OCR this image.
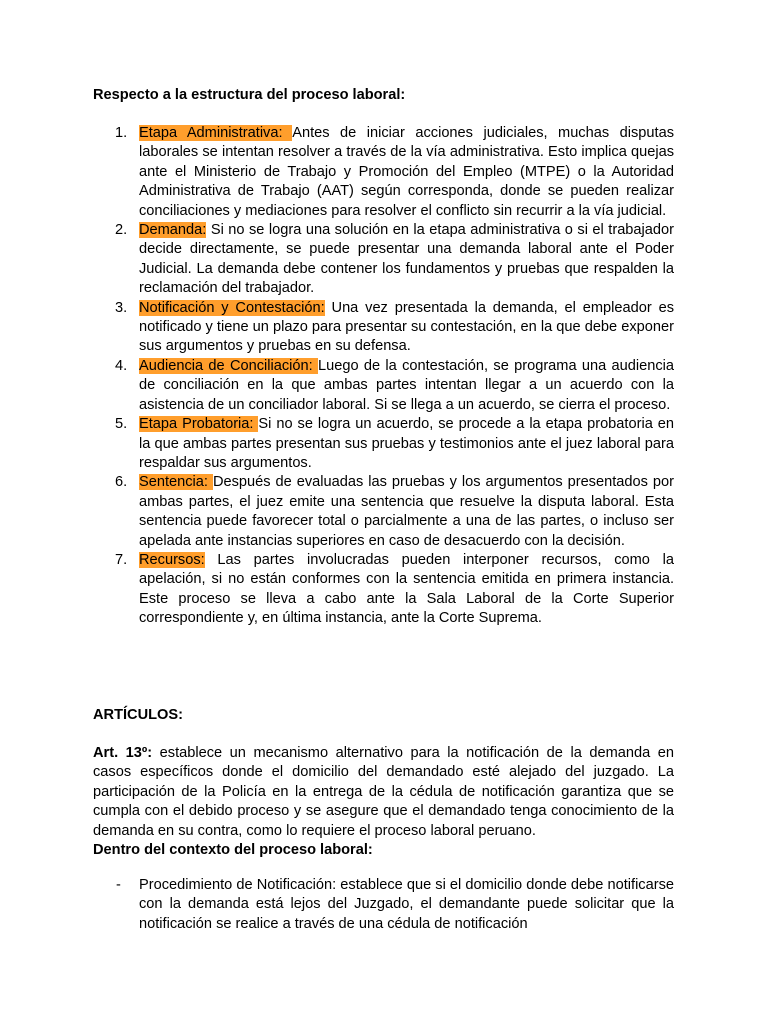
Respecto a la estructura del proceso laboral:
1. Etapa Administrativa: Antes de iniciar acciones judiciales, muchas disputas laborales se intentan resolver a través de la vía administrativa. Esto implica quejas ante el Ministerio de Trabajo y Promoción del Empleo (MTPE) o la Autoridad Administrativa de Trabajo (AAT) según corresponda, donde se pueden realizar conciliaciones y mediaciones para resolver el conflicto sin recurrir a la vía judicial.
2. Demanda: Si no se logra una solución en la etapa administrativa o si el trabajador decide directamente, se puede presentar una demanda laboral ante el Poder Judicial. La demanda debe contener los fundamentos y pruebas que respalden la reclamación del trabajador.
3. Notificación y Contestación: Una vez presentada la demanda, el empleador es notificado y tiene un plazo para presentar su contestación, en la que debe exponer sus argumentos y pruebas en su defensa.
4. Audiencia de Conciliación: Luego de la contestación, se programa una audiencia de conciliación en la que ambas partes intentan llegar a un acuerdo con la asistencia de un conciliador laboral. Si se llega a un acuerdo, se cierra el proceso.
5. Etapa Probatoria: Si no se logra un acuerdo, se procede a la etapa probatoria en la que ambas partes presentan sus pruebas y testimonios ante el juez laboral para respaldar sus argumentos.
6. Sentencia: Después de evaluadas las pruebas y los argumentos presentados por ambas partes, el juez emite una sentencia que resuelve la disputa laboral. Esta sentencia puede favorecer total o parcialmente a una de las partes, o incluso ser apelada ante instancias superiores en caso de desacuerdo con la decisión.
7. Recursos: Las partes involucradas pueden interponer recursos, como la apelación, si no están conformes con la sentencia emitida en primera instancia. Este proceso se lleva a cabo ante la Sala Laboral de la Corte Superior correspondiente y, en última instancia, ante la Corte Suprema.
ARTÍCULOS:

Art. 13º: establece un mecanismo alternativo para la notificación de la demanda en casos específicos donde el domicilio del demandado esté alejado del juzgado. La participación de la Policía en la entrega de la cédula de notificación garantiza que se cumpla con el debido proceso y se asegure que el demandado tenga conocimiento de la demanda en su contra, como lo requiere el proceso laboral peruano.

Dentro del contexto del proceso laboral:
-	Procedimiento de Notificación: establece que si el domicilio donde debe notificarse con la demanda está lejos del Juzgado, el demandante puede solicitar que la notificación se realice a través de una cédula de notificación
